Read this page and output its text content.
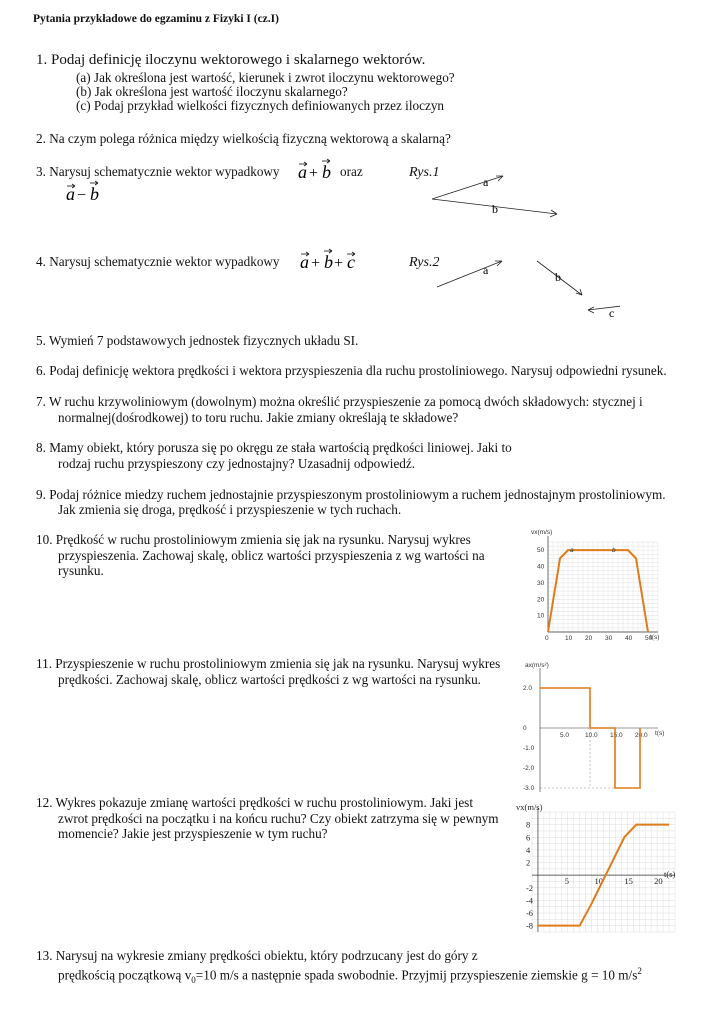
Pytania przykładowe do egzaminu z Fizyki I (cz.I)
1. Podaj definicję iloczynu wektorowego i skalarnego wektorów.
(a) Jak określona jest wartość, kierunek i zwrot iloczynu wektorowego?
(b) Jak określona jest wartość iloczynu skalarnego?
(c) Podaj przykład wielkości fizycznych definiowanych przez iloczyn
2. Na czym polega różnica między wielkością fizyczną wektorową a skalarną?
3. Narysuj schematycznie wektor wypadkowy a + b oraz
a − b
Rys.1
a
b
4. Narysuj schematycznie wektor wypadkowy a + b + c	Rys.2	a	b
c
5. Wymień 7 podstawowych jednostek fizycznych układu SI.
6. Podaj definicję wektora prędkości i wektora przyspieszenia dla ruchu prostoliniowego. Narysuj odpowiedni rysunek.
7. W ruchu krzywoliniowym (dowolnym) można określić przyspieszenie za pomocą dwóch składowych: stycznej i
normalnej(dośrodkowej) to toru ruchu. Jakie zmiany określają te składowe?
8. Mamy obiekt, który porusza się po okręgu ze stała wartością prędkości liniowej. Jaki to
rodzaj ruchu przyspieszony czy jednostajny? Uzasadnij odpowiedź.
9. Podaj różnice miedzy ruchem jednostajnie przyspieszonym prostoliniowym a ruchem jednostajnym prostoliniowym.
Jak zmienia się droga, prędkość i przyspieszenie w tych ruchach.
10. Prędkość w ruchu prostoliniowym zmienia się jak na rysunku. Narysuj wykres
przyspieszenia. Zachowaj skalę, oblicz wartości przyspieszenia z wg wartości na
rysunku.
0	10 20 30 40 50
10
20
30
40
50
vx(m/s)
t(s)
a	b
11. Przyspieszenie w ruchu prostoliniowym zmienia się jak na rysunku. Narysuj wykres
prędkości. Zachowaj skalę, oblicz wartości prędkości z wg wartości na rysunku.
5.0 10.0 15.0 20.0
2.0
0
-1.0
-2.0
-3.0
ax(m/s²)
t(s)
12. Wykres pokazuje zmianę wartości prędkości w ruchu prostoliniowym. Jaki jest
zwrot prędkości na początku i na końcu ruchu? Czy obiekt zatrzyma się w pewnym
momencie? Jakie jest przyspieszenie w tym ruchu?
5	10	15	20
8
6
4
2
-2
-4
-6
-8
vx(m/s)
t(s)
13. Narysuj na wykresie zmiany prędkości obiektu, który podrzucany jest do góry z
prędkością początkową $v_0=10$ m/s a następnie spada swobodnie. Przyjmij przyspieszenie ziemskie g = 10 $m/s^2$
